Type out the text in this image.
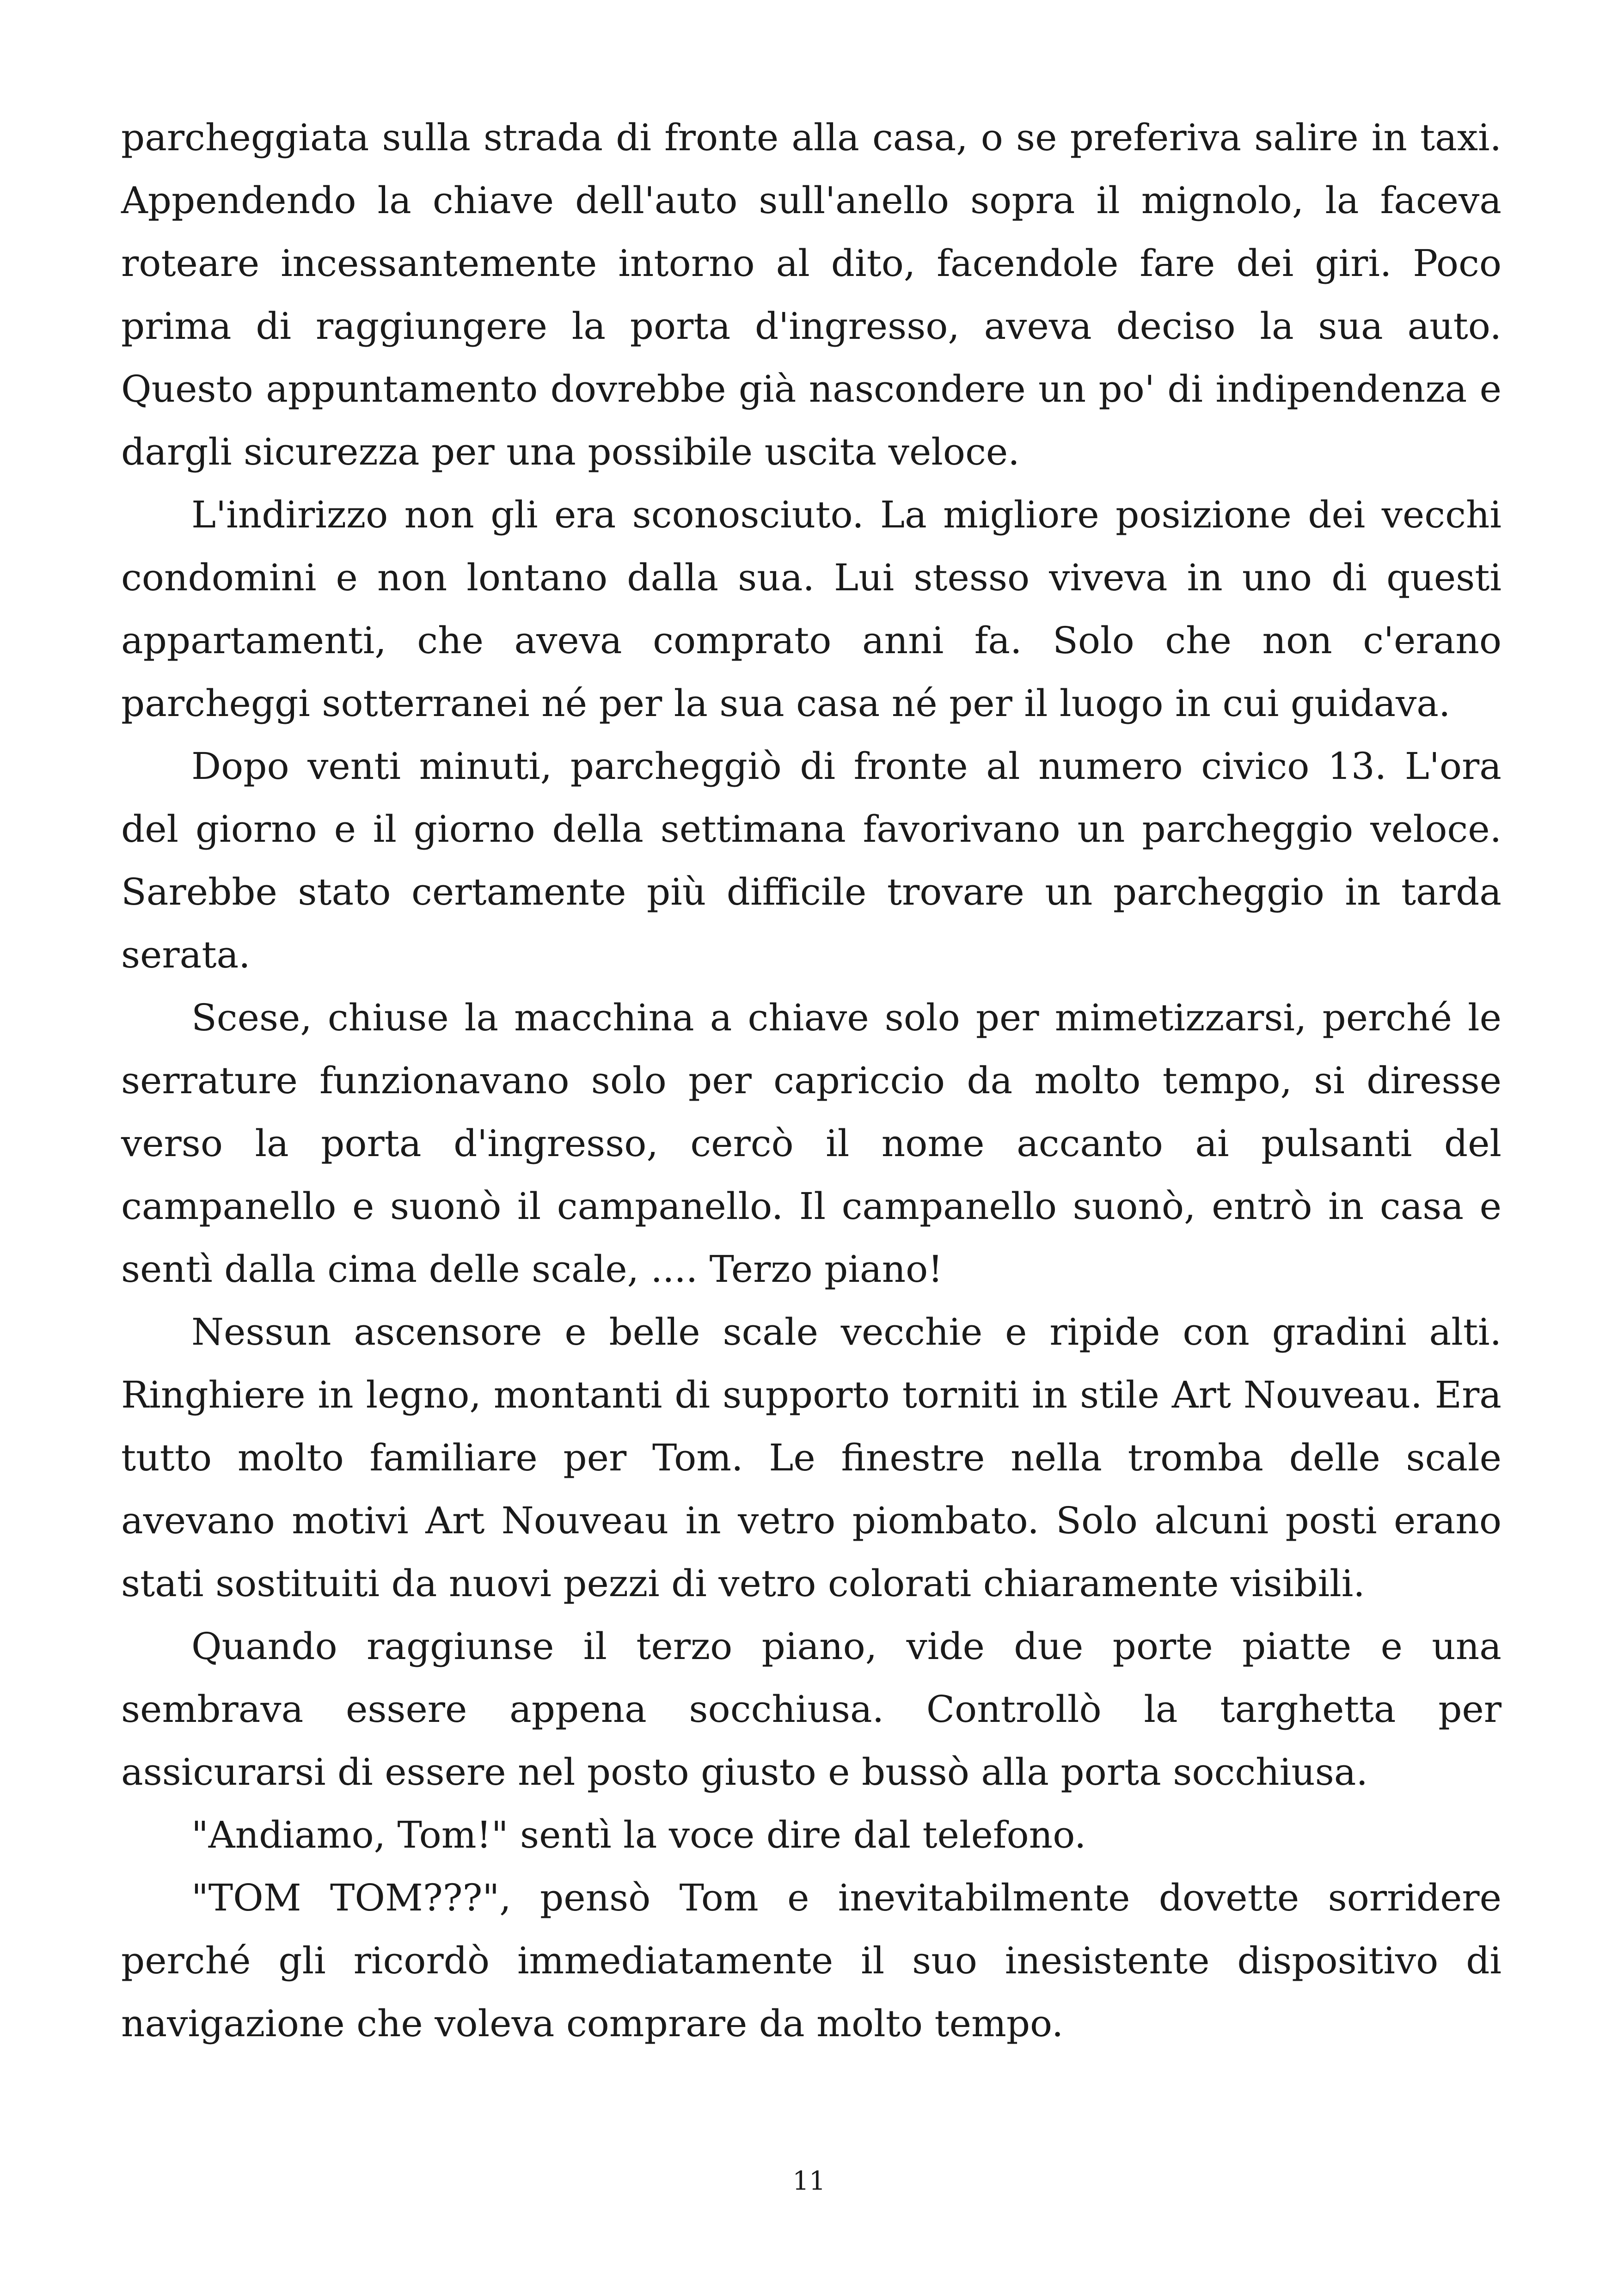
parcheggiata sulla strada di fronte alla casa, o se preferiva salire in taxi. Appendendo la chiave dell'auto sull'anello sopra il mignolo, la faceva roteare incessantemente intorno al dito, facendole fare dei giri. Poco prima di raggiungere la porta d'ingresso, aveva deciso la sua auto. Questo appuntamento dovrebbe già nascondere un po' di indipendenza e dargli sicurezza per una possibile uscita veloce.

L'indirizzo non gli era sconosciuto. La migliore posizione dei vecchi condomini e non lontano dalla sua. Lui stesso viveva in uno di questi appartamenti, che aveva comprato anni fa. Solo che non c'erano parcheggi sotterranei né per la sua casa né per il luogo in cui guidava.

Dopo venti minuti, parcheggiò di fronte al numero civico 13. L'ora del giorno e il giorno della settimana favorivano un parcheggio veloce. Sarebbe stato certamente più difficile trovare un parcheggio in tarda serata.

Scese, chiuse la macchina a chiave solo per mimetizzarsi, perché le serrature funzionavano solo per capriccio da molto tempo, si diresse verso la porta d'ingresso, cercò il nome accanto ai pulsanti del campanello e suonò il campanello. Il campanello suonò, entrò in casa e sentì dalla cima delle scale, .... Terzo piano!

Nessun ascensore e belle scale vecchie e ripide con gradini alti. Ringhiere in legno, montanti di supporto torniti in stile Art Nouveau. Era tutto molto familiare per Tom. Le finestre nella tromba delle scale avevano motivi Art Nouveau in vetro piombato. Solo alcuni posti erano stati sostituiti da nuovi pezzi di vetro colorati chiaramente visibili.

Quando raggiunse il terzo piano, vide due porte piatte e una sembrava essere appena socchiusa. Controllò la targhetta per assicurarsi di essere nel posto giusto e bussò alla porta socchiusa.

"Andiamo, Tom!" sentì la voce dire dal telefono.

"TOM TOM???", pensò Tom e inevitabilmente dovette sorridere perché gli ricordò immediatamente il suo inesistente dispositivo di navigazione che voleva comprare da molto tempo.

11
